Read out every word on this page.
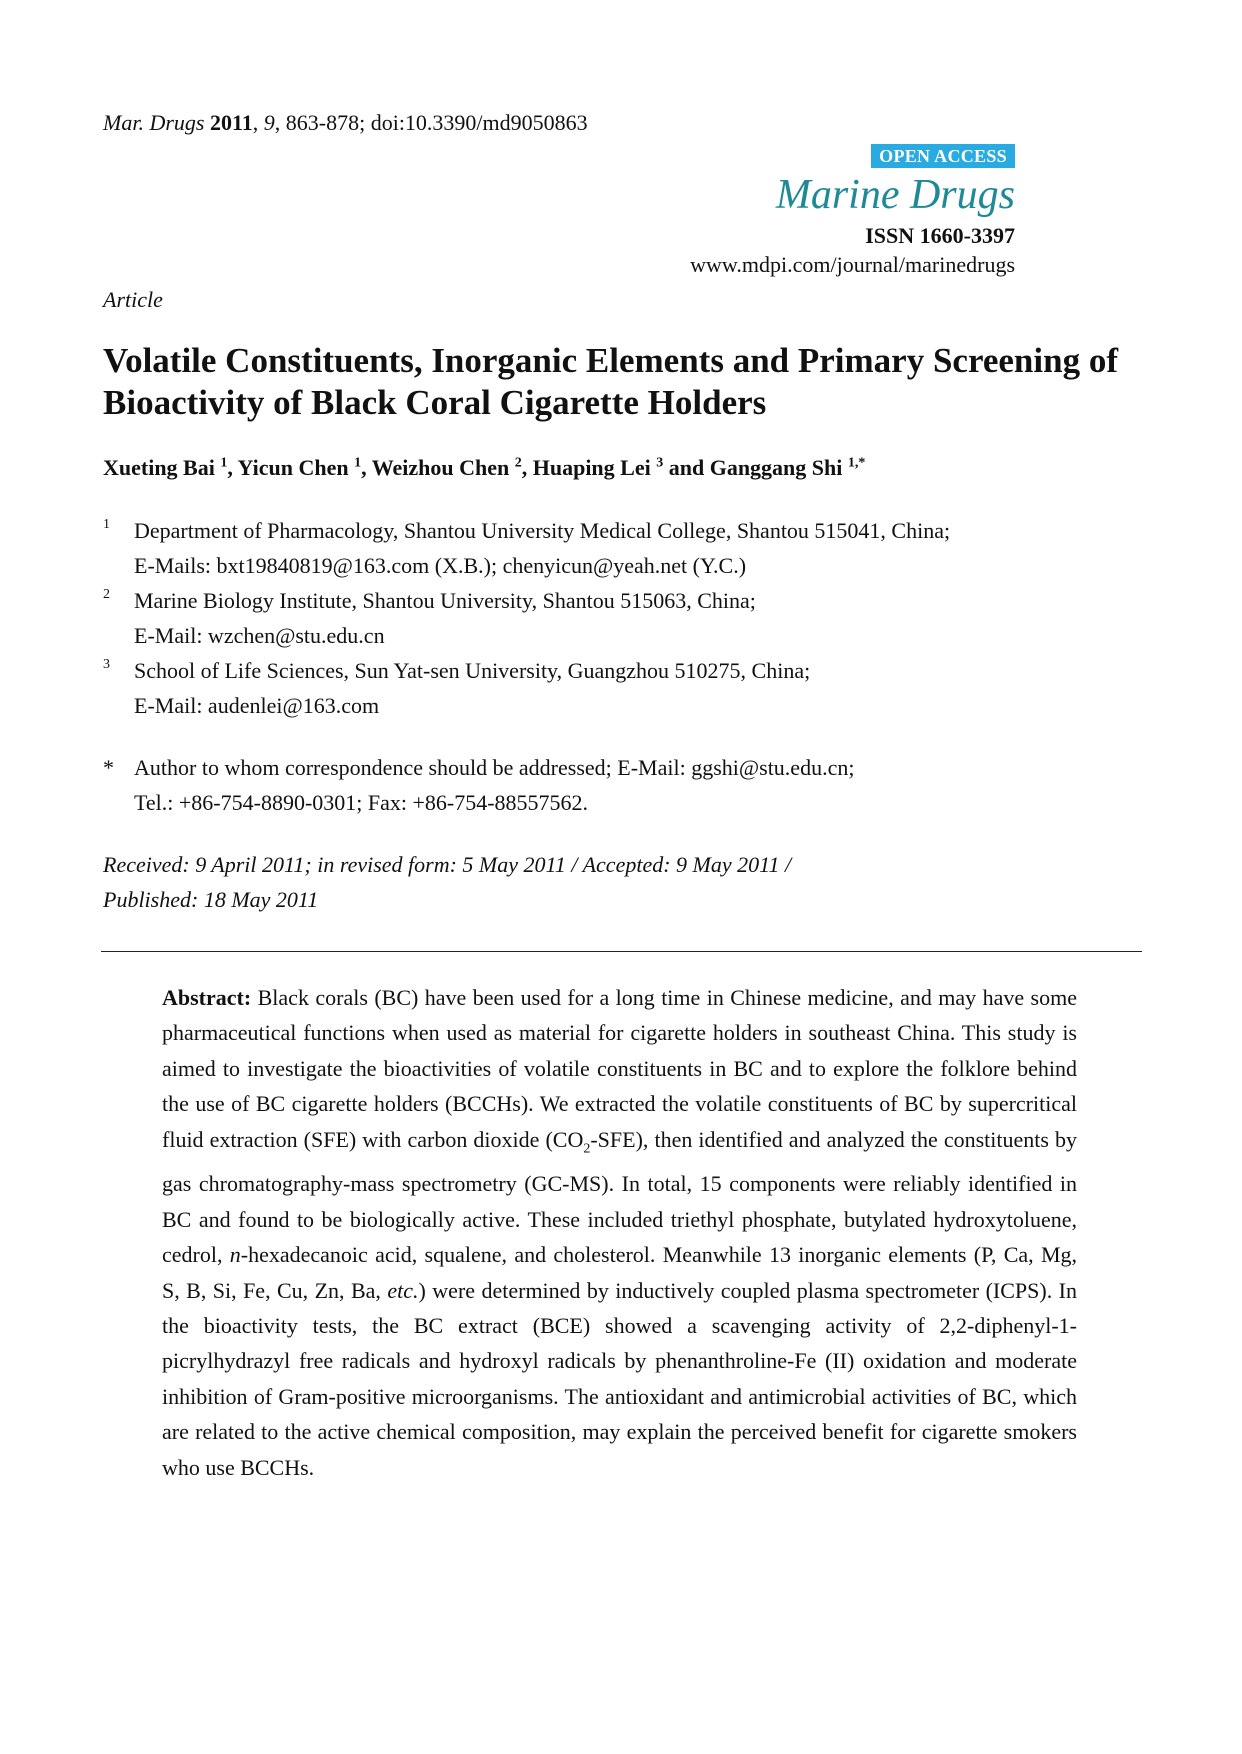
Mar. Drugs 2011, 9, 863-878; doi:10.3390/md9050863
OPEN ACCESS
Marine Drugs
ISSN 1660-3397
www.mdpi.com/journal/marinedrugs
Article
Volatile Constituents, Inorganic Elements and Primary Screening of Bioactivity of Black Coral Cigarette Holders
Xueting Bai $^1$, Yicun Chen $^1$, Weizhou Chen $^2$, Huaping Lei $^3$ and Ganggang Shi $^{1,*}$
1 Department of Pharmacology, Shantou University Medical College, Shantou 515041, China;
E-Mails: bxt19840819@163.com (X.B.); chenyicun@yeah.net (Y.C.)
2 Marine Biology Institute, Shantou University, Shantou 515063, China;
E-Mail: wzchen@stu.edu.cn
3 School of Life Sciences, Sun Yat-sen University, Guangzhou 510275, China;
E-Mail: audenlei@163.com
* Author to whom correspondence should be addressed; E-Mail: ggshi@stu.edu.cn;
Tel.: +86-754-8890-0301; Fax: +86-754-88557562.
Received: 9 April 2011; in revised form: 5 May 2011 / Accepted: 9 May 2011 /
Published: 18 May 2011

Abstract: Black corals (BC) have been used for a long time in Chinese medicine, and may have some pharmaceutical functions when used as material for cigarette holders in southeast China. This study is aimed to investigate the bioactivities of volatile constituents in BC and to explore the folklore behind the use of BC cigarette holders (BCCHs). We extracted the volatile constituents of BC by supercritical fluid extraction (SFE) with carbon dioxide $(CO_2-SFE)$, then identified and analyzed the constituents by gas chromatography-mass spectrometry (GC-MS). In total, 15 components were reliably identified in BC and found to be biologically active. These included triethyl phosphate, butylated hydroxytoluene, cedrol, n-hexadecanoic acid, squalene, and cholesterol. Meanwhile 13 inorganic elements (P, Ca, Mg, S, B, Si, Fe, Cu, Zn, Ba, etc.) were determined by inductively coupled plasma spectrometer (ICPS). In the bioactivity tests, the BC extract (BCE) showed a scavenging activity of 2,2-diphenyl-1-picrylhydrazyl free radicals and hydroxyl radicals by phenanthroline-Fe (II) oxidation and moderate inhibition of Gram-positive microorganisms. The antioxidant and antimicrobial activities of BC, which are related to the active chemical composition, may explain the perceived benefit for cigarette smokers who use BCCHs.
